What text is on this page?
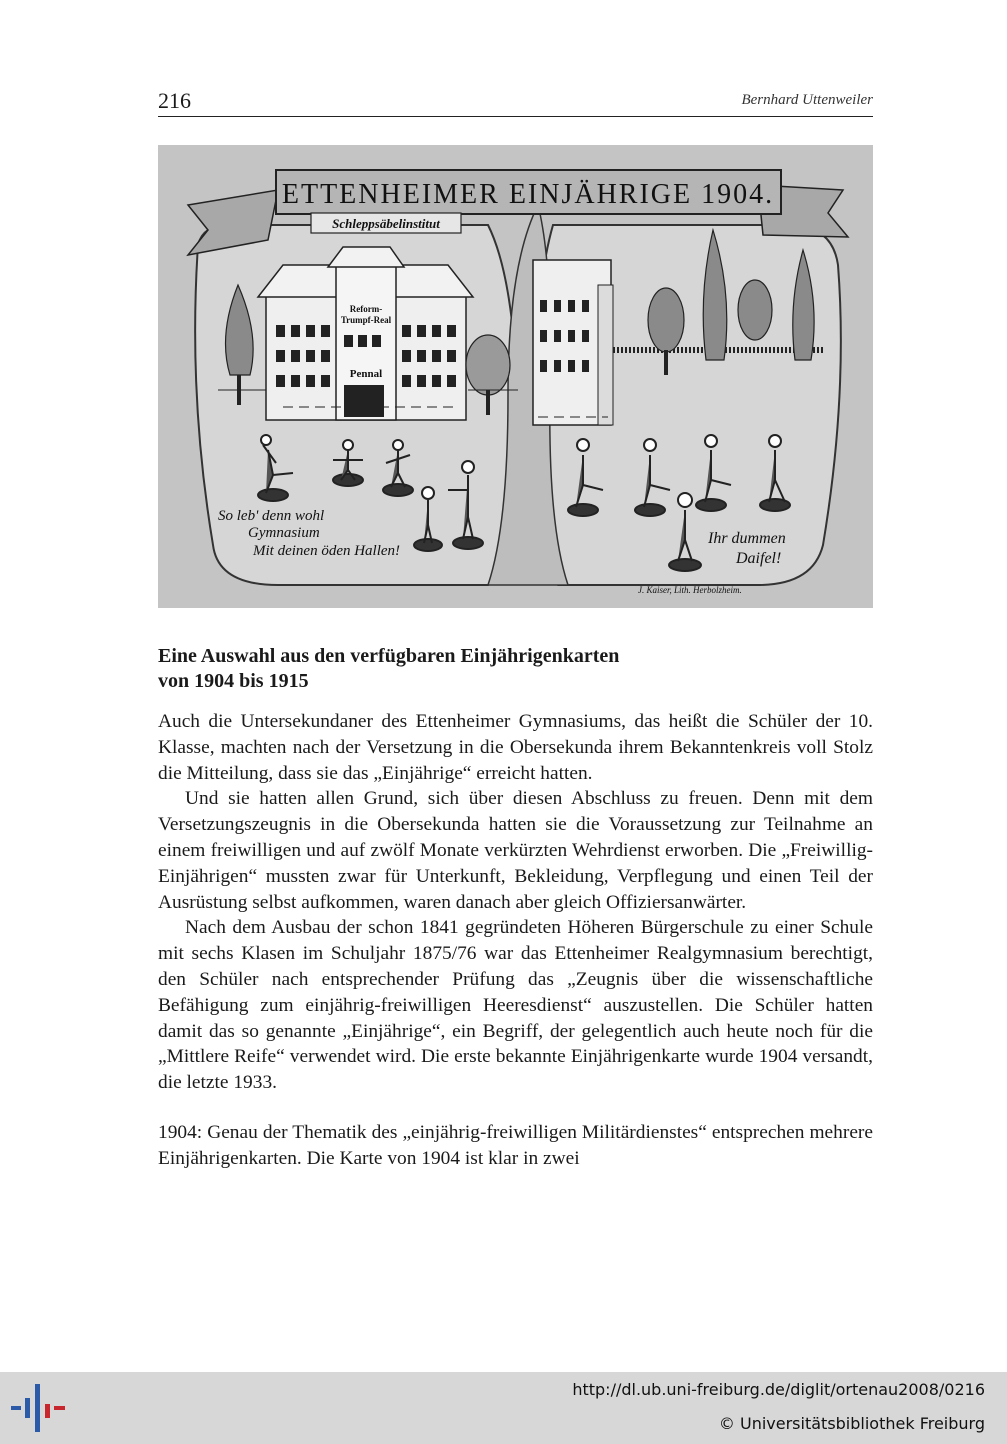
216	Bernhard Uttenweiler
ETTENHEIMER EINJÄHRIGE 1904.
Schleppsäbelinstitut
Reform-
Trumpf-Real
Pennal
So leb' denn wohl
Gymnasium
Mit deinen öden Hallen!
Ihr dummen
Daifel!
J. Kaiser, Lith. Herbolzheim.
Eine Auswahl aus den verfügbaren Einjährigenkarten
von 1904 bis 1915

Auch die Untersekundaner des Ettenheimer Gymnasiums, das heißt die Schüler der 10. Klasse, machten nach der Versetzung in die Obersekunda ihrem Bekanntenkreis voll Stolz die Mitteilung, dass sie das „Einjährige“ erreicht hatten.

Und sie hatten allen Grund, sich über diesen Abschluss zu freuen. Denn mit dem Versetzungszeugnis in die Obersekunda hatten sie die Voraussetzung zur Teilnahme an einem freiwilligen und auf zwölf Monate verkürzten Wehrdienst erworben. Die „Freiwillig-Einjährigen“ mussten zwar für Unterkunft, Bekleidung, Verpflegung und einen Teil der Ausrüstung selbst aufkommen, waren danach aber gleich Offiziersanwärter.

Nach dem Ausbau der schon 1841 gegründeten Höheren Bürgerschule zu einer Schule mit sechs Klasen im Schuljahr 1875/76 war das Ettenheimer Realgymnasium berechtigt, den Schüler nach entsprechender Prüfung das „Zeugnis über die wissenschaftliche Befähigung zum einjährig-freiwilligen Heeresdienst“ auszustellen. Die Schüler hatten damit das so genannte „Einjährige“, ein Begriff, der gelegentlich auch heute noch für die „Mittlere Reife“ verwendet wird. Die erste bekannte Einjährigenkarte wurde 1904 versandt, die letzte 1933.

1904: Genau der Thematik des „einjährig-freiwilligen Militärdienstes“ entsprechen mehrere Einjährigenkarten. Die Karte von 1904 ist klar in zwei

http://dl.ub.uni-freiburg.de/diglit/ortenau2008/0216
© Universitätsbibliothek Freiburg
